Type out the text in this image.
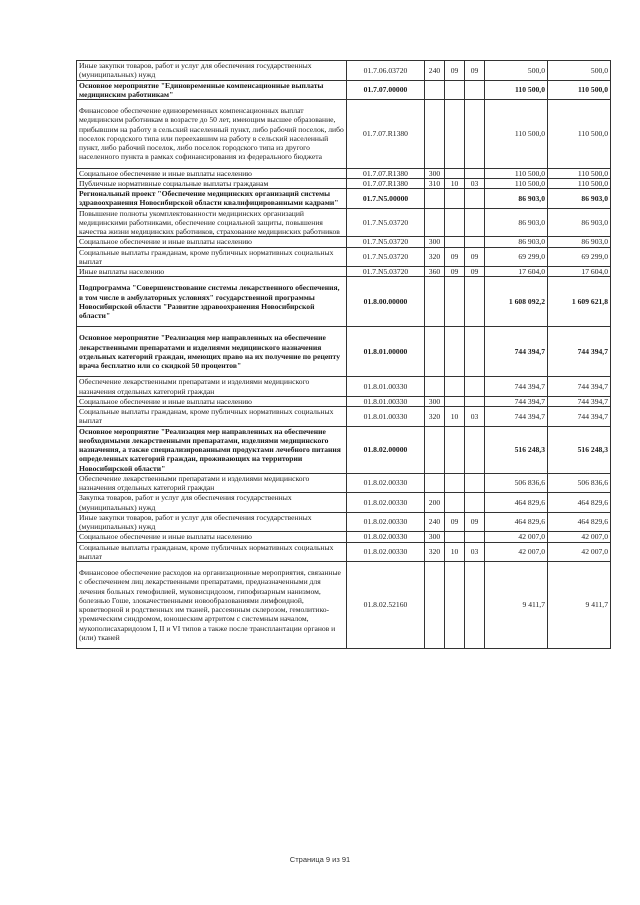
Иные закупки товаров, работ и услуг для обеспечения государственных (муниципальных) нужд	01.7.06.03720	240	09	09	500,0	500,0
Основное мероприятие "Единовременные компенсационные выплаты медицинским работникам"	01.7.07.00000				110 500,0	110 500,0
Финансовое обеспечение единовременных компенсационных выплат медицинским работникам в возрасте до 50 лет, имеющим высшее образование, прибывшим на работу в сельский населенный пункт, либо рабочий поселок, либо поселок городского типа или переехавшим на работу в сельский населенный пункт, либо рабочий поселок, либо поселок городского типа из другого населенного пункта в рамках софинансирования из федерального бюджета	01.7.07.R1380				110 500,0	110 500,0
Социальное обеспечение и иные выплаты населению	01.7.07.R1380	300			110 500,0	110 500,0
Публичные нормативные социальные выплаты гражданам	01.7.07.R1380	310	10	03	110 500,0	110 500,0
Региональный проект "Обеспечение медицинских организаций системы здравоохранения Новосибирской области квалифицированными кадрами"	01.7.N5.00000				86 903,0	86 903,0
Повышение полноты укомплектованности медицинских организаций медицинскими работниками, обеспечение социальной защиты, повышения качества жизни медицинских работников, страхование медицинских работников	01.7.N5.03720				86 903,0	86 903,0
Социальное обеспечение и иные выплаты населению	01.7.N5.03720	300			86 903,0	86 903,0
Социальные выплаты гражданам, кроме публичных нормативных социальных выплат	01.7.N5.03720	320	09	09	69 299,0	69 299,0
Иные выплаты населению	01.7.N5.03720	360	09	09	17 604,0	17 604,0
Подпрограмма "Совершенствование системы лекарственного обеспечения, в том числе в амбулаторных условиях" государственной программы Новосибирской области "Развитие здравоохранения Новосибирской области"	01.8.00.00000				1 608 092,2	1 609 621,8
Основное мероприятие "Реализация мер направленных на обеспечение лекарственными препаратами и изделиями медицинского назначения отдельных категорий граждан, имеющих право на их получение по рецепту врача бесплатно или со скидкой 50 процентов"	01.8.01.00000				744 394,7	744 394,7
Обеспечение лекарственными препаратами и изделиями медицинского назначения отдельных категорий граждан	01.8.01.00330				744 394,7	744 394,7
Социальное обеспечение и иные выплаты населению	01.8.01.00330	300			744 394,7	744 394,7
Социальные выплаты гражданам, кроме публичных нормативных социальных выплат	01.8.01.00330	320	10	03	744 394,7	744 394,7
Основное мероприятие "Реализация мер направленных на обеспечение необходимыми лекарственными препаратами, изделиями медицинского назначения, а также специализированными продуктами лечебного питания определенных категорий граждан, проживающих на территории Новосибирской области"	01.8.02.00000				516 248,3	516 248,3
Обеспечение лекарственными препаратами и изделиями медицинского назначения отдельных категорий граждан	01.8.02.00330				506 836,6	506 836,6
Закупка товаров, работ и услуг для обеспечения государственных (муниципальных) нужд	01.8.02.00330	200			464 829,6	464 829,6
Иные закупки товаров, работ и услуг для обеспечения государственных (муниципальных) нужд	01.8.02.00330	240	09	09	464 829,6	464 829,6
Социальное обеспечение и иные выплаты населению	01.8.02.00330	300			42 007,0	42 007,0
Социальные выплаты гражданам, кроме публичных нормативных социальных выплат	01.8.02.00330	320	10	03	42 007,0	42 007,0
Финансовое обеспечение расходов на организационные мероприятия, связанные с обеспечением лиц лекарственными препаратами, предназначенными для лечения больных гемофилией, муковисцидозом, гипофизарным нанизмом, болезнью Гоше, злокачественными новообразованиями лимфоидной, кроветворной и родственных им тканей, рассеянным склерозом, гемолитико-уремическим синдромом, юношеским артритом с системным началом, мукополисахаридозом I, II и VI типов а также после трансплантации органов и (или) тканей	01.8.02.52160				9 411,7	9 411,7
Страница 9 из 91
